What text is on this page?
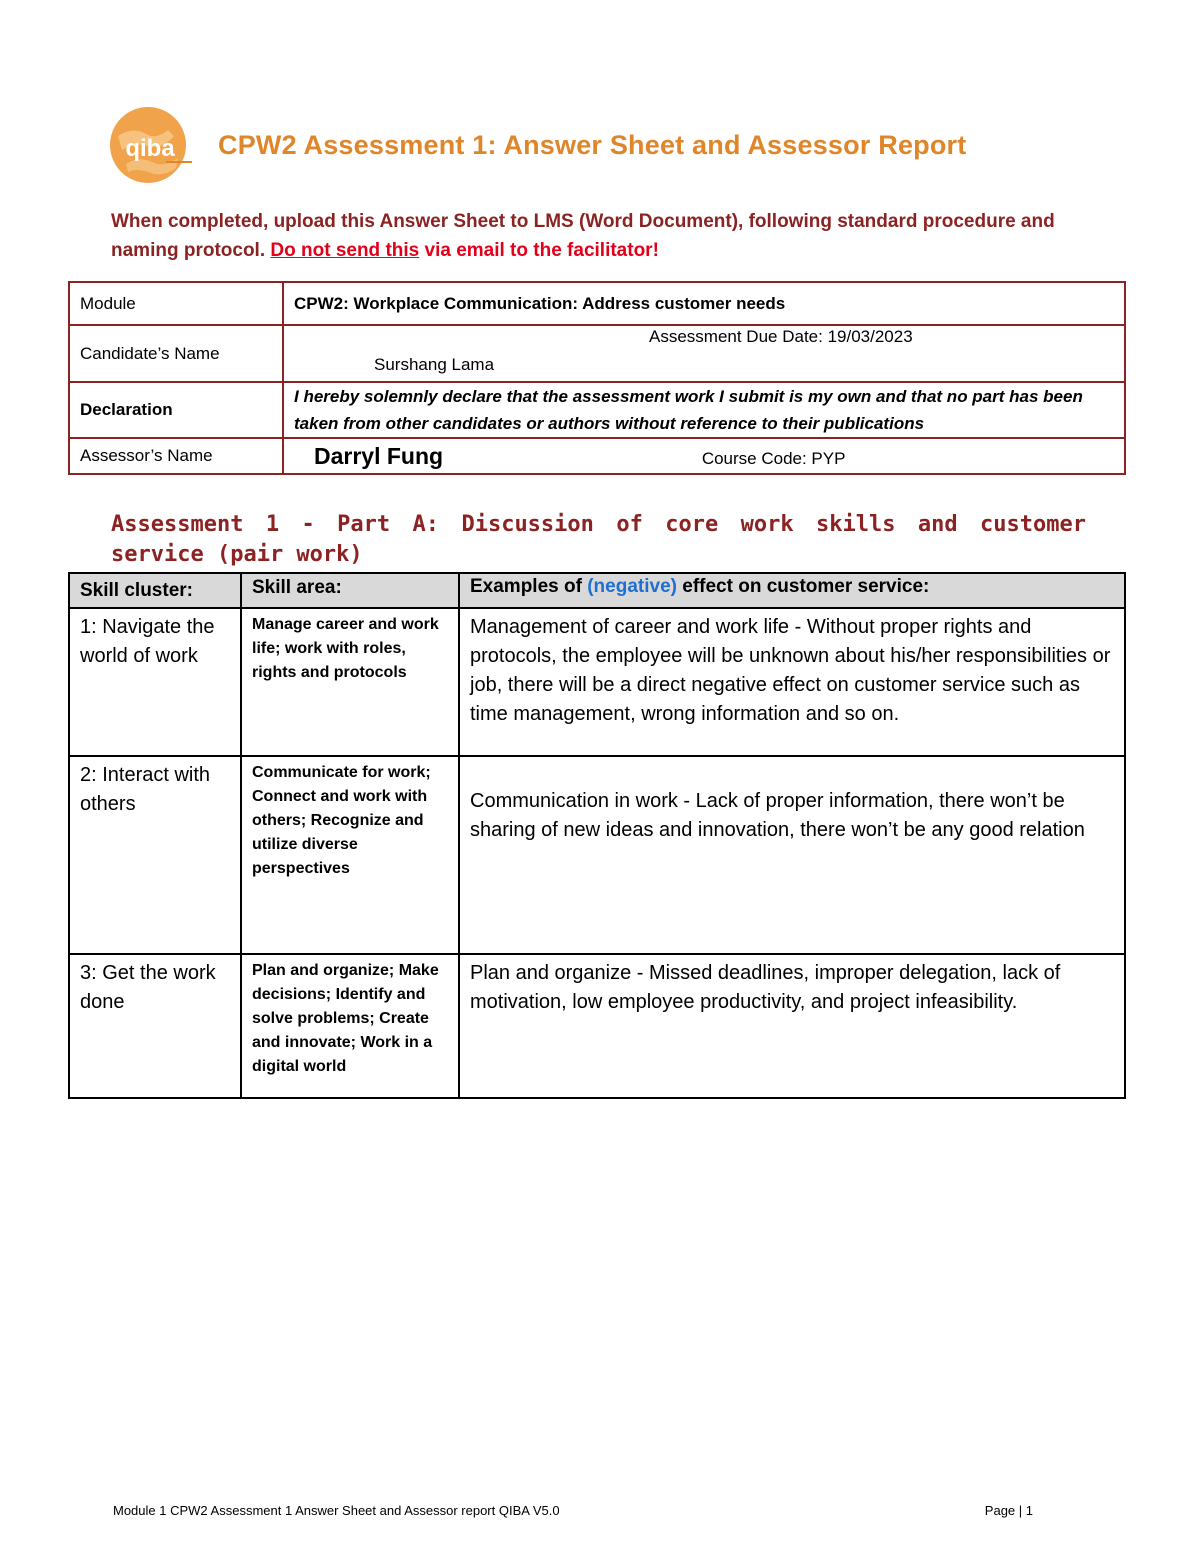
qiba CPW2 Assessment 1: Answer Sheet and Assessor Report
When completed, upload this Answer Sheet to LMS (Word Document), following standard procedure and naming protocol. Do not send this via email to the facilitator!
Module	CPW2: Workplace Communication: Address customer needs
Candidate’s Name	Assessment Due Date: 19/03/2023
Surshang Lama

Declaration	I hereby solemnly declare that the assessment work I submit is my own and that no part has been taken from other candidates or authors without reference to their publications
Assessor’s Name	Darryl Fung Course Code: PYP
Assessment 1 - Part A: Discussion of core work skills and customer service (pair work)
Skill cluster:	Skill area:	Examples of (negative) effect on customer service:
1: Navigate the world of work	Manage career and work life; work with roles, rights and protocols	Management of career and work life - Without proper rights and protocols, the employee will be unknown about his/her responsibilities or job, there will be a direct negative effect on customer service such as time management, wrong information and so on.
2: Interact with others	Communicate for work; Connect and work with others; Recognize and utilize diverse perspectives	Communication in work - Lack of proper information, there won’t be sharing of new ideas and innovation, there won’t be any good relation
3: Get the work done	Plan and organize; Make decisions; Identify and solve problems; Create and innovate; Work in a digital world	Plan and organize - Missed deadlines, improper delegation, lack of motivation, low employee productivity, and project infeasibility.
Module 1 CPW2 Assessment 1 Answer Sheet and Assessor report QIBA V5.0	Page | 1
